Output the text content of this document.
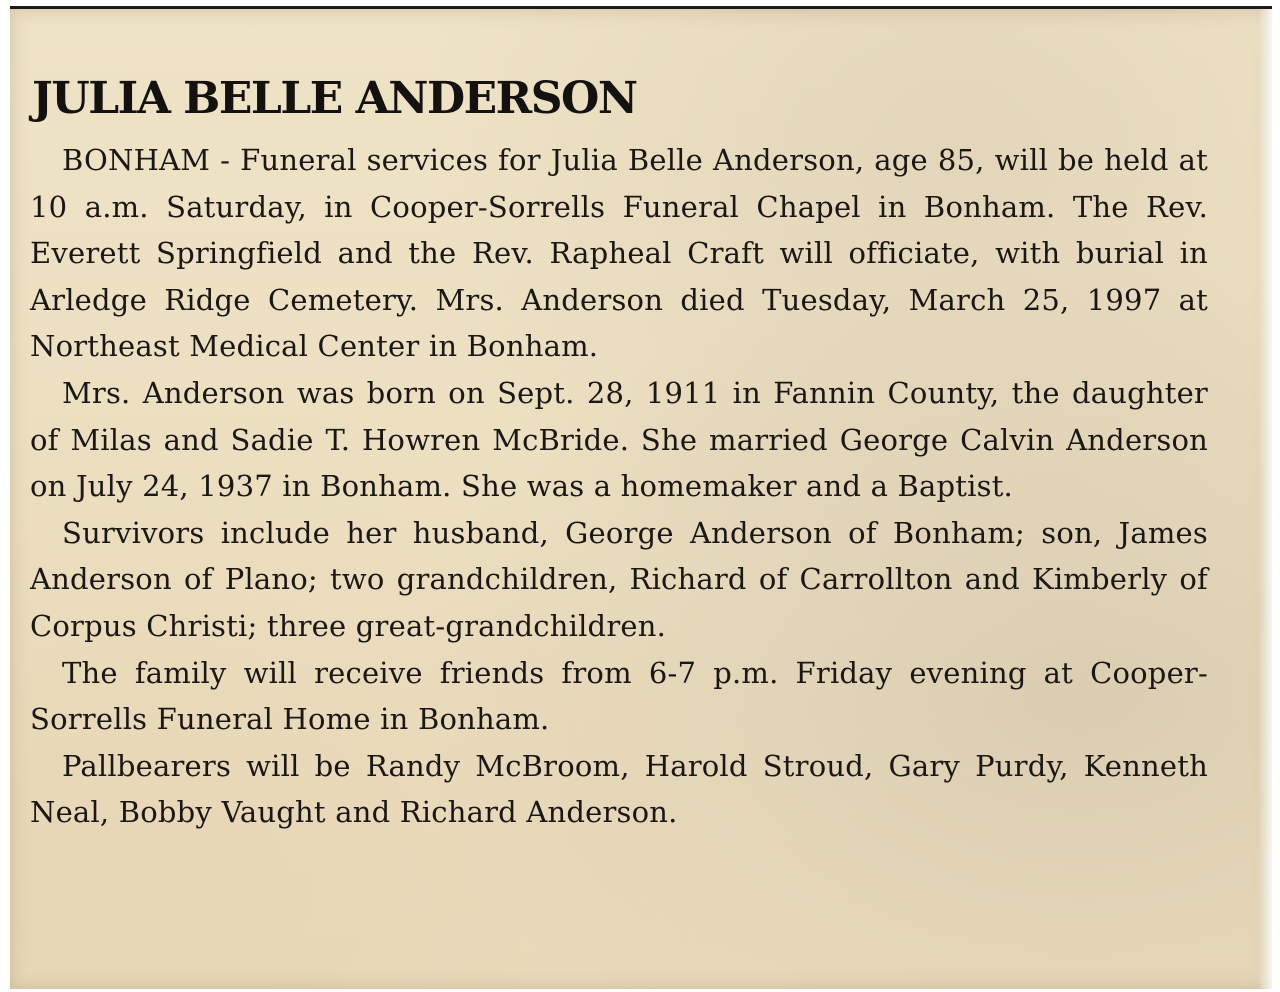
JULIA BELLE ANDERSON

BONHAM - Funeral services for Julia Belle Anderson, age 85, will be held at 10 a.m. Saturday, in Cooper-Sorrells Funeral Chapel in Bonham. The Rev. Everett Springfield and the Rev. Rapheal Craft will officiate, with burial in Arledge Ridge Cemetery. Mrs. Anderson died Tuesday, March 25, 1997 at Northeast Medical Center in Bonham.

Mrs. Anderson was born on Sept. 28, 1911 in Fannin County, the daughter of Milas and Sadie T. Howren McBride. She married George Calvin Anderson on July 24, 1937 in Bonham. She was a homemaker and a Baptist.

Survivors include her husband, George Anderson of Bonham; son, James Anderson of Plano; two grandchildren, Richard of Carrollton and Kimberly of Corpus Christi; three great-grandchildren.

The family will receive friends from 6-7 p.m. Friday evening at Cooper-Sorrells Funeral Home in Bonham.

Pallbearers will be Randy McBroom, Harold Stroud, Gary Purdy, Kenneth Neal, Bobby Vaught and Richard Anderson.
